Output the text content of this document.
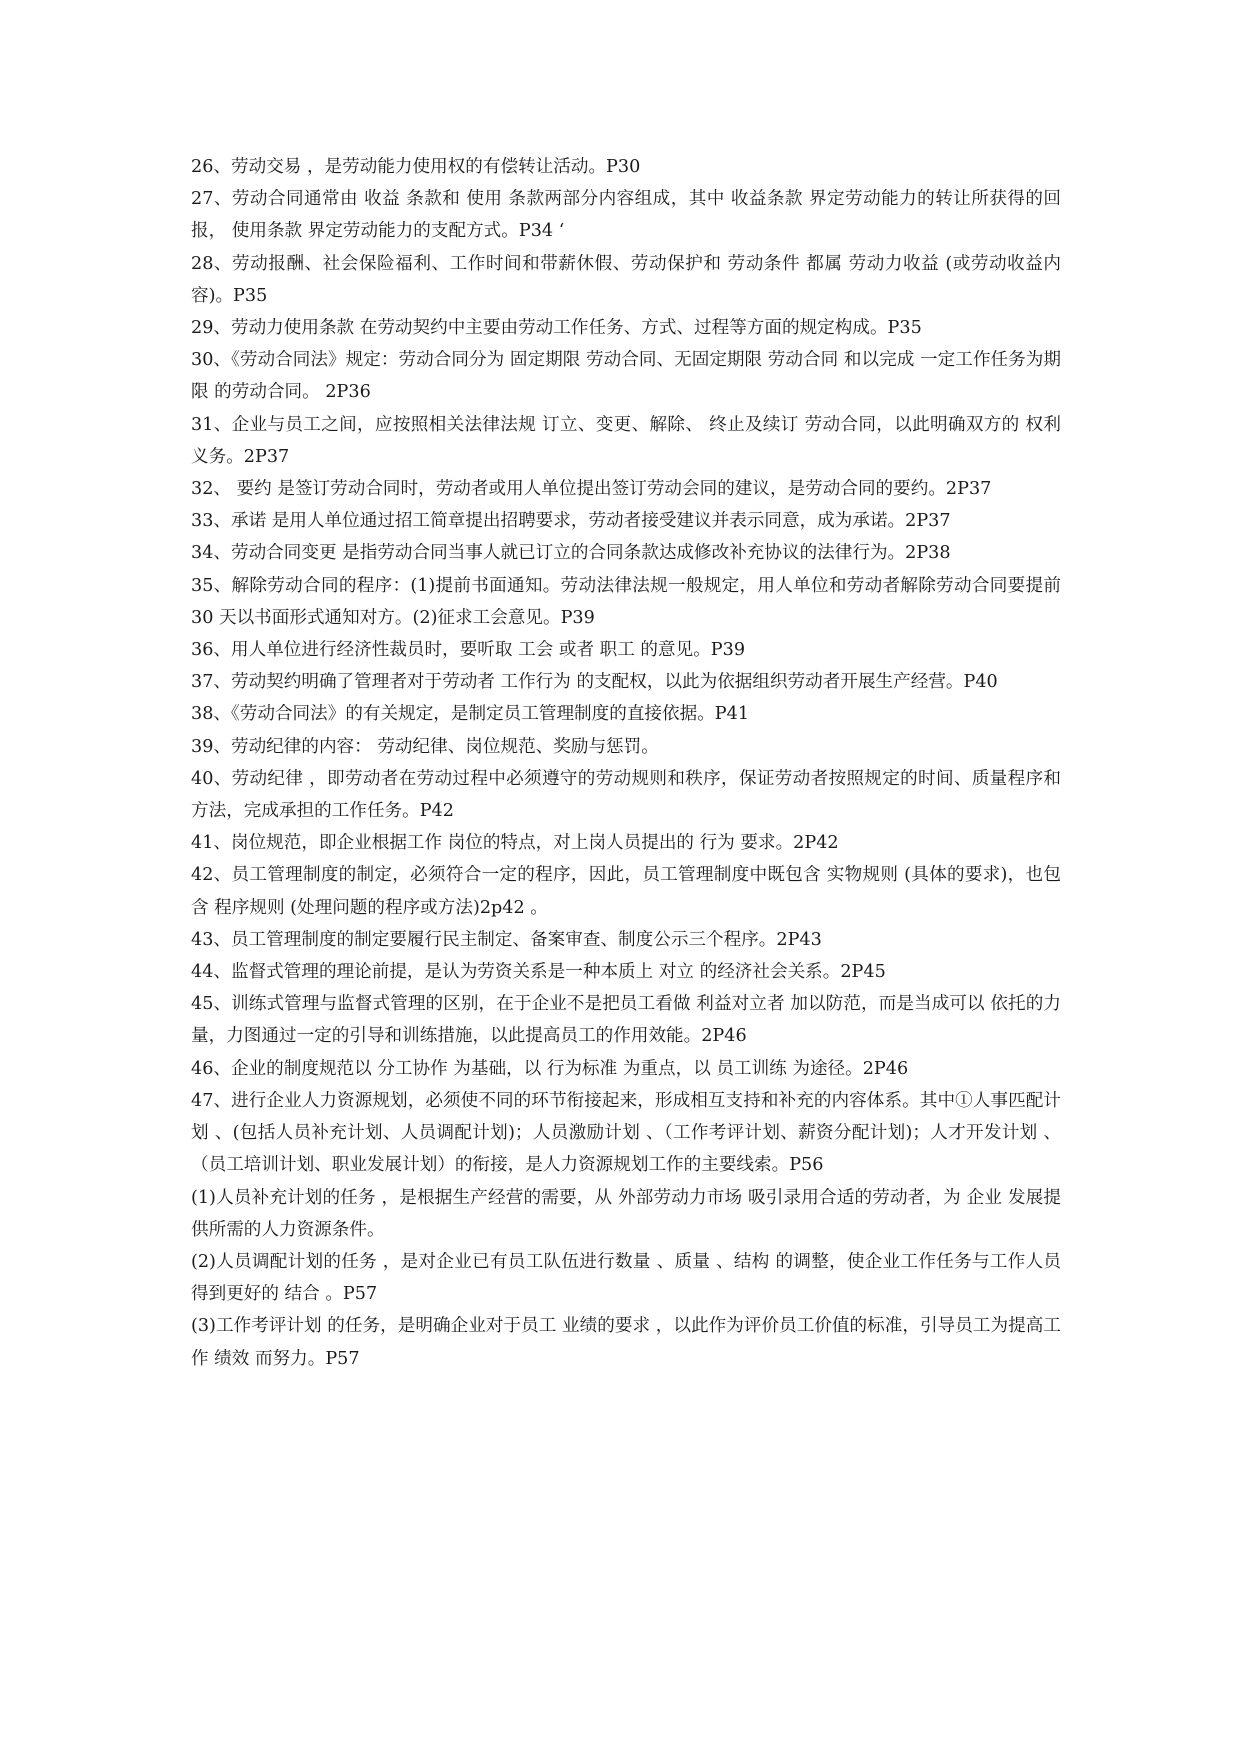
26、劳动交易 ，是劳动能力使用权的有偿转让活动。P30

27、劳动合同通常由 收益 条款和 使用 条款两部分内容组成，其中 收益条款 界定劳动能力的转让所获得的回报， 使用条款 界定劳动能力的支配方式。P34 ‘

28、劳动报酬、社会保险福利、工作时间和带薪休假、劳动保护和 劳动条件 都属 劳动力收益 (或劳动收益内容)。P35

29、劳动力使用条款 在劳动契约中主要由劳动工作任务、方式、过程等方面的规定构成。P35

30、《劳动合同法》规定：劳动合同分为 固定期限 劳动合同、无固定期限 劳动合同 和以完成 一定工作任务为期限 的劳动合同。 2P36

31、企业与员工之间，应按照相关法律法规 订立、变更、解除、 终止及续订 劳动合同，以此明确双方的 权利义务。2P37

32、 要约 是签订劳动合同时，劳动者或用人单位提出签订劳动会同的建议，是劳动合同的要约。2P37

33、承诺 是用人单位通过招工简章提出招聘要求，劳动者接受建议并表示同意，成为承诺。2P37

34、劳动合同变更 是指劳动合同当事人就已订立的合同条款达成修改补充协议的法律行为。2P38

35、解除劳动合同的程序：(1)提前书面通知。劳动法律法规一般规定，用人单位和劳动者解除劳动合同要提前 30 天以书面形式通知对方。(2)征求工会意见。P39

36、用人单位进行经济性裁员时，要听取 工会 或者 职工 的意见。P39

37、劳动契约明确了管理者对于劳动者 工作行为 的支配权，以此为依据组织劳动者开展生产经营。P40

38、《劳动合同法》的有关规定，是制定员工管理制度的直接依据。P41

39、劳动纪律的内容： 劳动纪律、岗位规范、奖励与惩罚。

40、劳动纪律 ，即劳动者在劳动过程中必须遵守的劳动规则和秩序，保证劳动者按照规定的时间、质量程序和方法，完成承担的工作任务。P42

41、岗位规范，即企业根据工作 岗位的特点，对上岗人员提出的 行为 要求。2P42

42、员工管理制度的制定，必须符合一定的程序，因此，员工管理制度中既包含 实物规则 (具体的要求)，也包含 程序规则 (处理问题的程序或方法)2p42 。

43、员工管理制度的制定要履行民主制定、备案审查、制度公示三个程序。2P43

44、监督式管理的理论前提，是认为劳资关系是一种本质上 对立 的经济社会关系。2P45

45、训练式管理与监督式管理的区别，在于企业不是把员工看做 利益对立者 加以防范，而是当成可以 依托的力量，力图通过一定的引导和训练措施，以此提高员工的作用效能。2P46

46、企业的制度规范以 分工协作 为基础，以 行为标准 为重点，以 员工训练 为途径。2P46

47、进行企业人力资源规划，必须使不同的环节衔接起来，形成相互支持和补充的内容体系。其中①人事匹配计划 、(包括人员补充计划、人员调配计划)；人员激励计划 、（工作考评计划、薪资分配计划)；人才开发计划 、（员工培训计划、职业发展计划）的衔接，是人力资源规划工作的主要线索。P56

(1)人员补充计划的任务 ，是根据生产经营的需要，从 外部劳动力市场 吸引录用合适的劳动者，为 企业 发展提供所需的人力资源条件。

(2)人员调配计划的任务 ，是对企业已有员工队伍进行数量 、质量 、结构 的调整，使企业工作任务与工作人员得到更好的 结合 。P57

(3)工作考评计划 的任务，是明确企业对于员工 业绩的要求 ，以此作为评价员工价值的标准，引导员工为提高工作 绩效 而努力。P57
